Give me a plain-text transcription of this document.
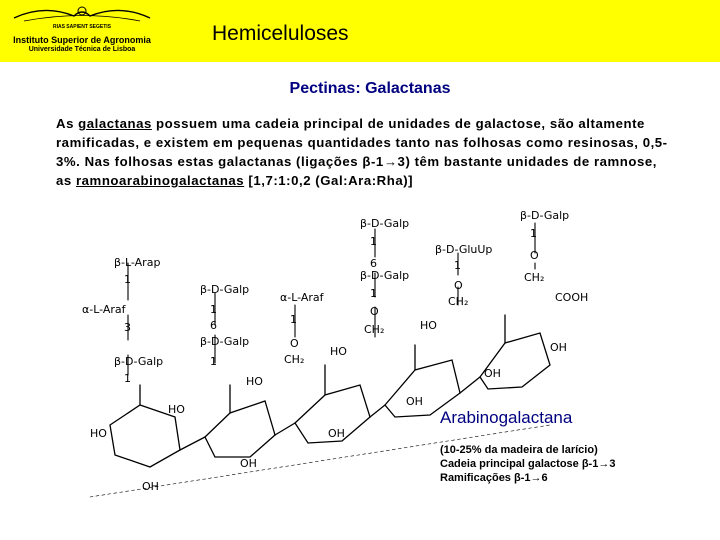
RIAS SAPIENT SEGETIS
Instituto Superior de Agronomia
Universidade Técnica de Lisboa
Hemiceluloses
Pectinas: Galactanas

As galactanas possuem uma cadeia principal de unidades de galactose, são altamente ramificadas, e existem em pequenas quantidades tanto nas folhosas como resinosas, 0,5-3%. Nas folhosas estas galactanas (ligações β-1→3) têm bastante unidades de ramnose, as ramnoarabinogalactanas [1,7:1:0,2 (Gal:Ara:Rha)]

β-L-Arap
1
α-L-Araf
3
β-D-Galp
1
β-D-Galp
1
6
β-D-Galp
1
α-L-Araf
1
O
CH₂
β-D-Galp
1
6
β-D-Galp
1
O
CH₂
β-D-GluUp
1
O
CH₂
β-D-Galp
1
O
CH₂
COOH
OH
OH
HO
OH
HO
OH
HO
OH
HO
OH
HO
Arabinogalactana
(10-25% da madeira de larício)
Cadeia principal galactose β-1→3
Ramificações β-1→6
